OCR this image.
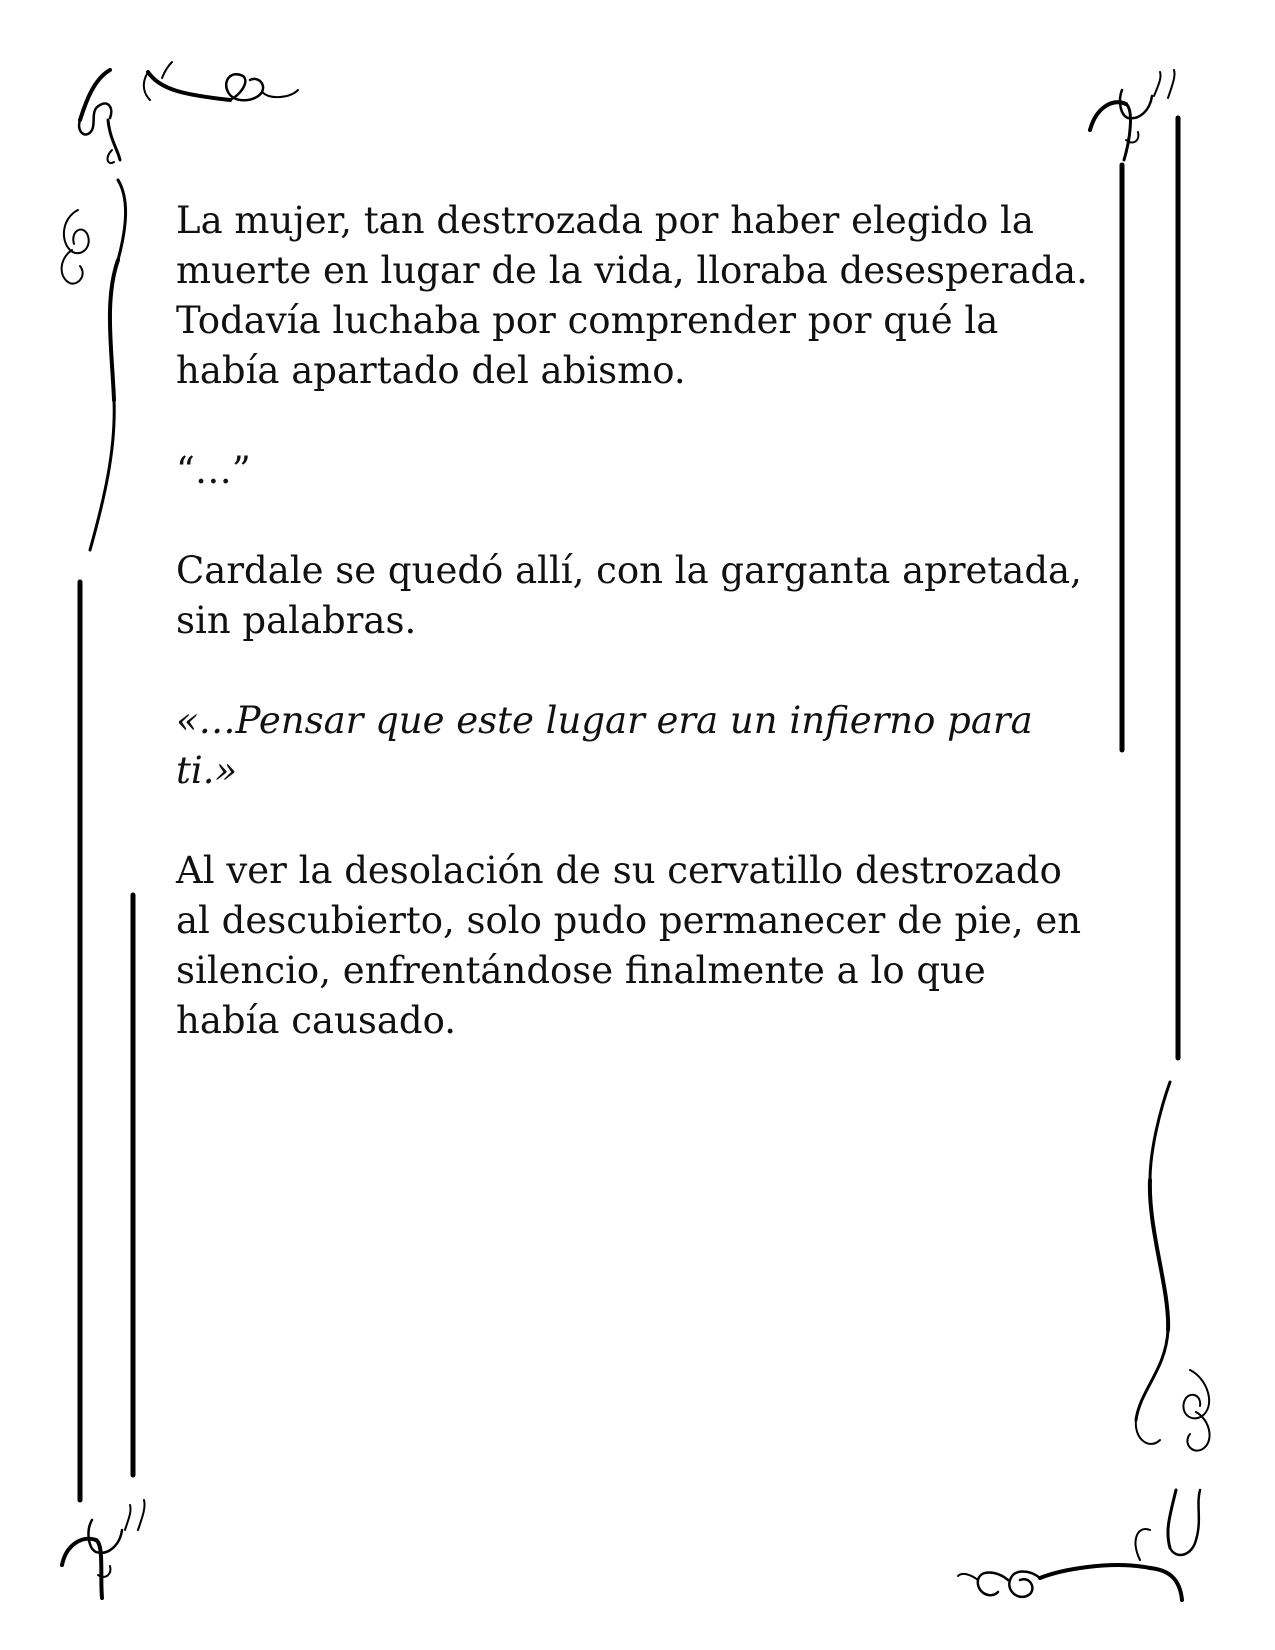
La mujer, tan destrozada por haber elegido la muerte en lugar de la vida, lloraba desesperada. Todavía luchaba por comprender por qué la había apartado del abismo.

“…”

Cardale se quedó allí, con la garganta apretada, sin palabras.

«…Pensar que este lugar era un infierno para ti.»

Al ver la desolación de su cervatillo destrozado al descubierto, solo pudo permanecer de pie, en silencio, enfrentándose finalmente a lo que había causado.
